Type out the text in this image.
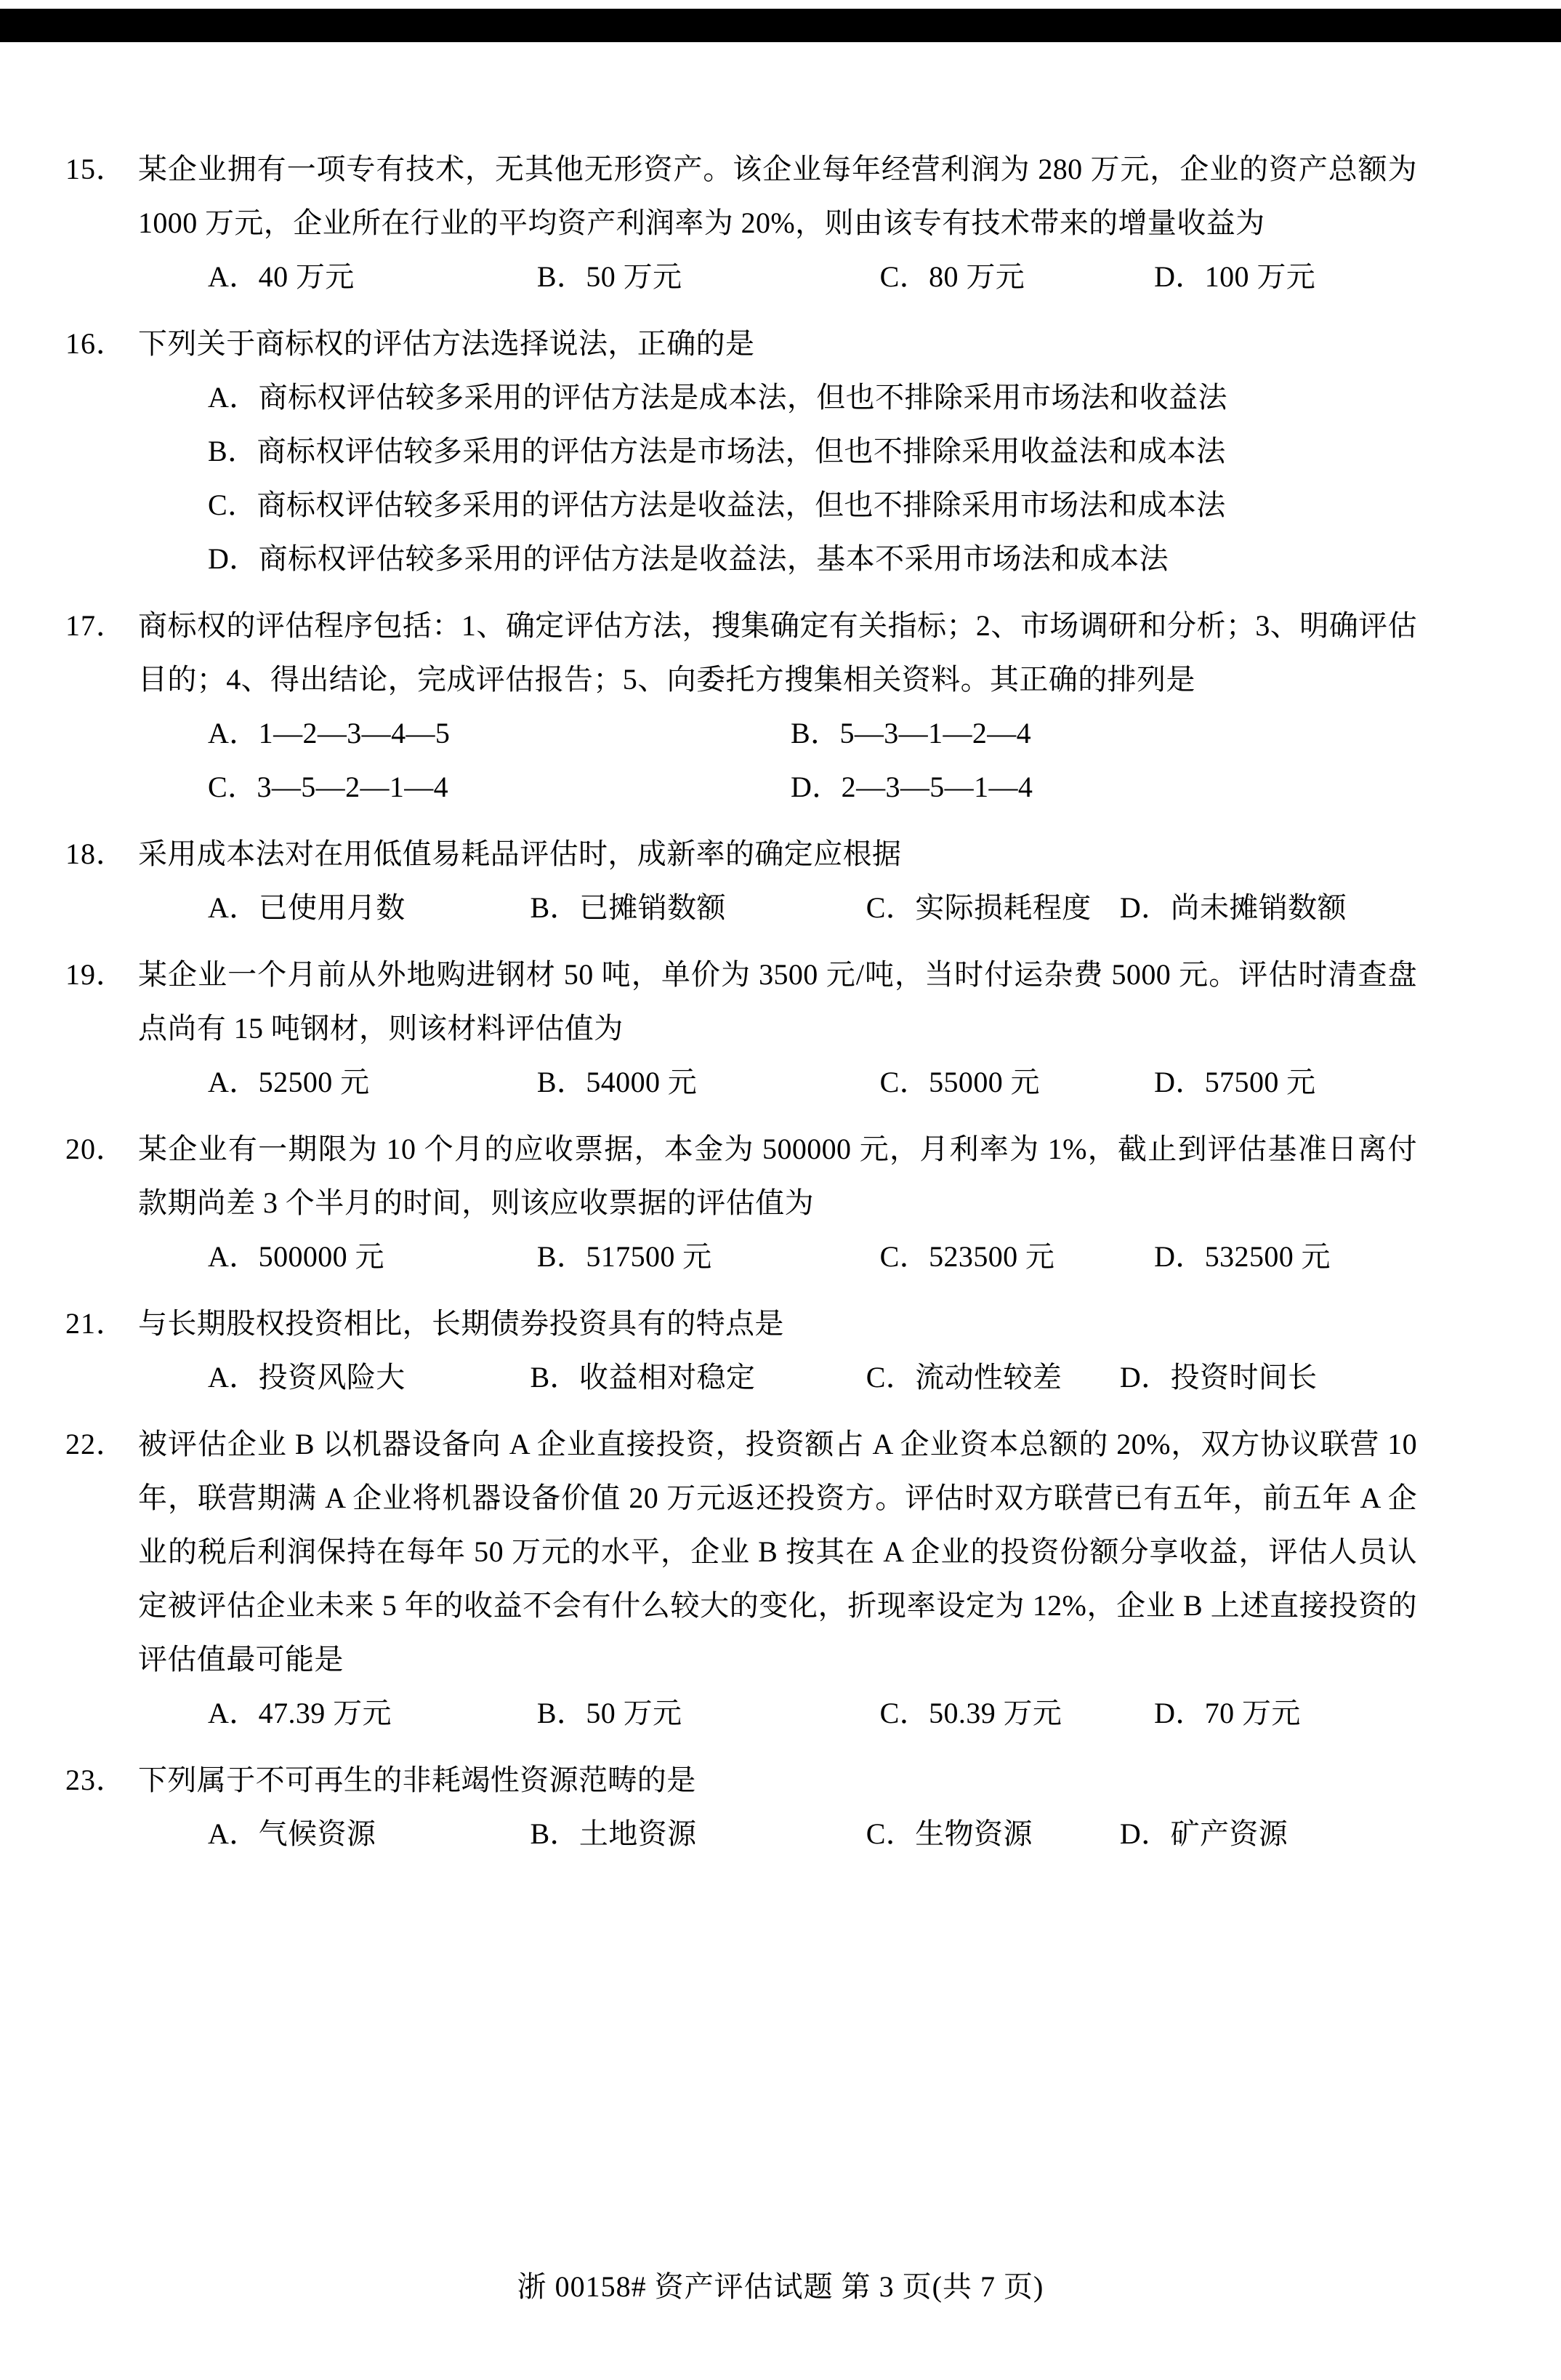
15． 某企业拥有一项专有技术，无其他无形资产。该企业每年经营利润为 280 万元，企业的资产总额为 1000 万元，企业所在行业的平均资产利润率为 20%，则由该专有技术带来的增量收益为
A．40 万元	B．50 万元	C．80 万元	D．100 万元
16． 下列关于商标权的评估方法选择说法，正确的是
A．商标权评估较多采用的评估方法是成本法，但也不排除采用市场法和收益法
B．商标权评估较多采用的评估方法是市场法，但也不排除采用收益法和成本法
C．商标权评估较多采用的评估方法是收益法，但也不排除采用市场法和成本法
D．商标权评估较多采用的评估方法是收益法，基本不采用市场法和成本法
17． 商标权的评估程序包括：1、确定评估方法，搜集确定有关指标；2、市场调研和分析；3、明确评估目的；4、得出结论，完成评估报告；5、向委托方搜集相关资料。其正确的排列是
A．1—2—3—4—5	B．5—3—1—2—4
C．3—5—2—1—4	D．2—3—5—1—4
18． 采用成本法对在用低值易耗品评估时，成新率的确定应根据
A．已使用月数	B．已摊销数额	C．实际损耗程度 D．尚未摊销数额
19． 某企业一个月前从外地购进钢材 50 吨，单价为 3500 元/吨，当时付运杂费 5000 元。评估时清查盘点尚有 15 吨钢材，则该材料评估值为
A．52500 元	B．54000 元	C．55000 元	D．57500 元
20． 某企业有一期限为 10 个月的应收票据，本金为 500000 元，月利率为 1%，截止到评估基准日离付款期尚差 3 个半月的时间，则该应收票据的评估值为
A．500000 元	B．517500 元	C．523500 元	D．532500 元
21． 与长期股权投资相比，长期债券投资具有的特点是
A．投资风险大	B．收益相对稳定	C．流动性较差	D．投资时间长
22． 被评估企业 B 以机器设备向 A 企业直接投资，投资额占 A 企业资本总额的 20%，双方协议联营 10 年，联营期满 A 企业将机器设备价值 20 万元返还投资方。评估时双方联营已有五年，前五年 A 企业的税后利润保持在每年 50 万元的水平，企业 B 按其在 A 企业的投资份额分享收益，评估人员认定被评估企业未来 5 年的收益不会有什么较大的变化，折现率设定为 12%，企业 B 上述直接投资的评估值最可能是
A．47.39 万元	B．50 万元	C．50.39 万元	D．70 万元
23． 下列属于不可再生的非耗竭性资源范畴的是
A．气候资源	B．土地资源	C．生物资源	D．矿产资源
浙 00158# 资产评估试题 第 3 页(共 7 页)
